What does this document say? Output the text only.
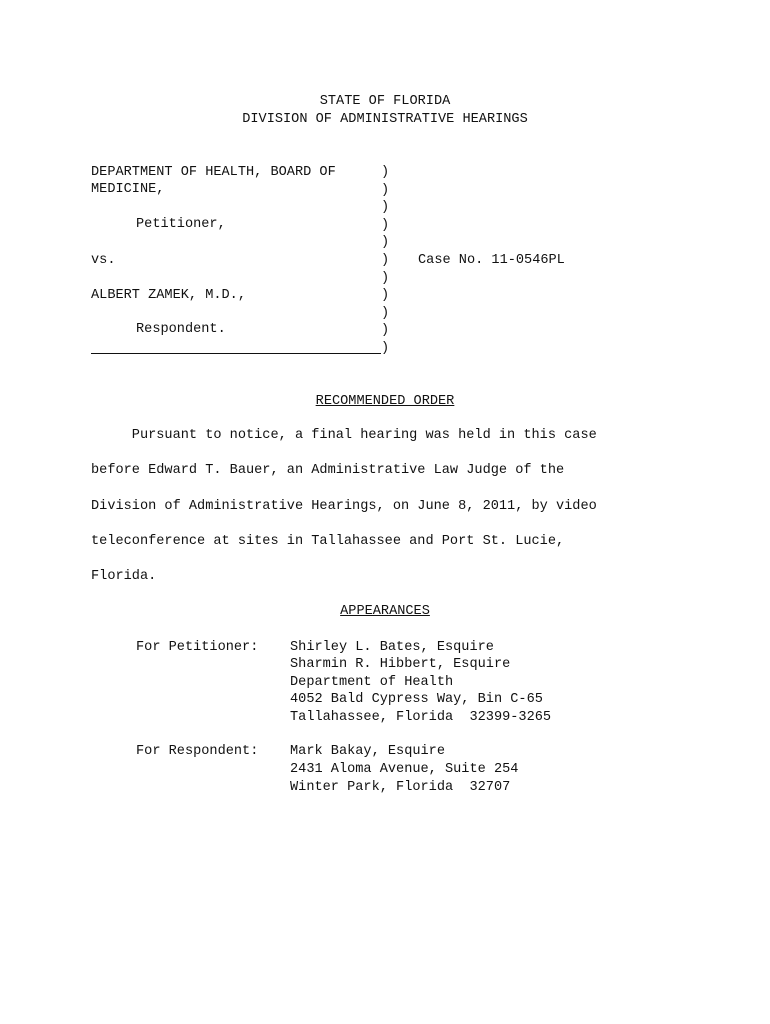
STATE OF FLORIDA
DIVISION OF ADMINISTRATIVE HEARINGS
DEPARTMENT OF HEALTH, BOARD OF
MEDICINE,
Petitioner,
vs.
ALBERT ZAMEK, M.D.,
Respondent.
)
)
)
)
)
)
)
)
)
)
)
Case No. 11-0546PL
RECOMMENDED ORDER
Pursuant to notice, a final hearing was held in this case
before Edward T. Bauer, an Administrative Law Judge of the
Division of Administrative Hearings, on June 8, 2011, by video
teleconference at sites in Tallahassee and Port St. Lucie,
Florida.
APPEARANCES
For Petitioner: Shirley L. Bates, Esquire
Sharmin R. Hibbert, Esquire
Department of Health
4052 Bald Cypress Way, Bin C-65
Tallahassee, Florida  32399-3265
For Respondent: Mark Bakay, Esquire
2431 Aloma Avenue, Suite 254
Winter Park, Florida  32707
